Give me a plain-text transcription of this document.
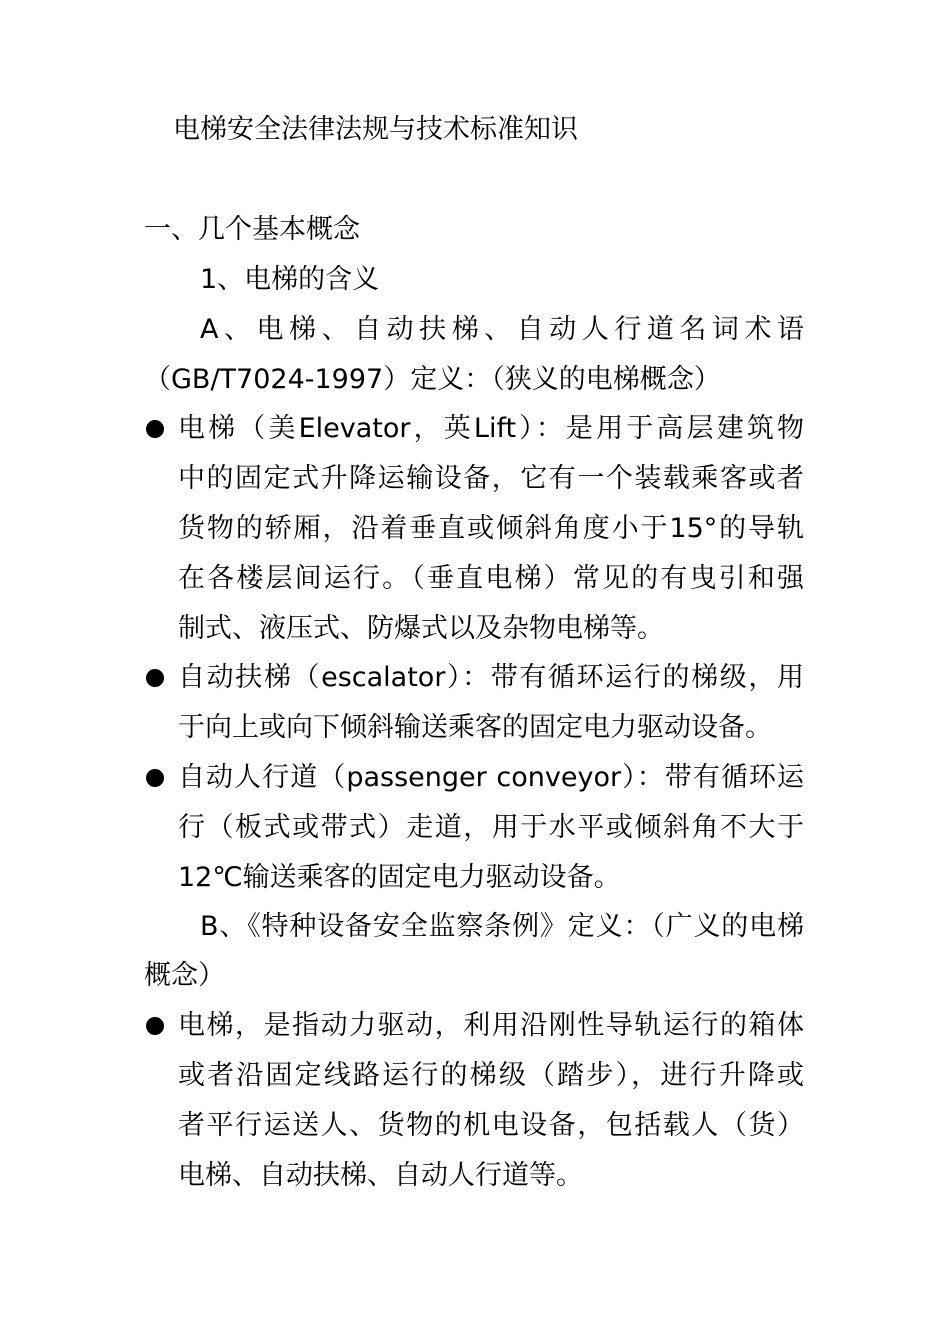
电梯安全法律法规与技术标准知识
一、几个基本概念
1、电梯的含义
A、电梯、自动扶梯、自动人行道名词术语
（GB/T7024-1997）定义：（狭义的电梯概念）
电梯（美Elevator，英Lift）：是用于高层建筑物
中的固定式升降运输设备，它有一个装载乘客或者
货物的轿厢，沿着垂直或倾斜角度小于15°的导轨
在各楼层间运行。（垂直电梯）常见的有曳引和强
制式、液压式、防爆式以及杂物电梯等。
自动扶梯（escalator）：带有循环运行的梯级，用
于向上或向下倾斜输送乘客的固定电力驱动设备。
自动人行道（passenger conveyor）：带有循环运
行（板式或带式）走道，用于水平或倾斜角不大于
12℃输送乘客的固定电力驱动设备。
B、《特种设备安全监察条例》定义：（广义的电梯
概念）
电梯，是指动力驱动，利用沿刚性导轨运行的箱体
或者沿固定线路运行的梯级（踏步），进行升降或
者平行运送人、货物的机电设备，包括载人（货）
电梯、自动扶梯、自动人行道等。
